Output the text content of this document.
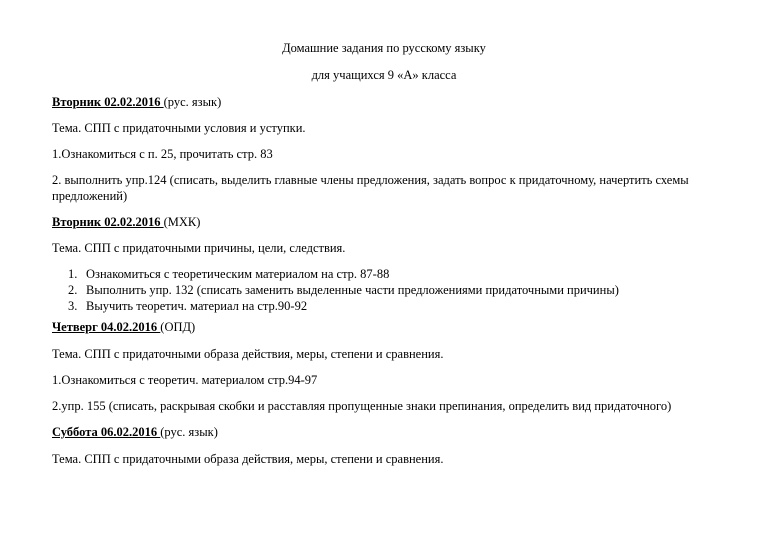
Домашние задания по русскому языку
для учащихся 9 «А» класса
Вторник 02.02.2016 (рус. язык)
Тема. СПП с придаточными условия и уступки.
1.Ознакомиться с п. 25, прочитать стр. 83
2. выполнить упр.124 (списать, выделить главные члены предложения, задать вопрос к придаточному, начертить схемы предложений)
Вторник 02.02.2016 (МХК)
Тема. СПП с придаточными причины, цели, следствия.
1. Ознакомиться с теоретическим материалом на стр. 87-88
2. Выполнить упр. 132 (списать заменить выделенные части предложениями придаточными причины)
3. Выучить теоретич. материал на стр.90-92
Четверг 04.02.2016 (ОПД)
Тема. СПП с придаточными образа действия, меры, степени и сравнения.
1.Ознакомиться с теоретич. материалом стр.94-97
2.упр. 155 (списать, раскрывая скобки и расставляя пропущенные знаки препинания, определить вид придаточного)
Суббота 06.02.2016 (рус. язык)
Тема. СПП с придаточными образа действия, меры, степени и сравнения.
